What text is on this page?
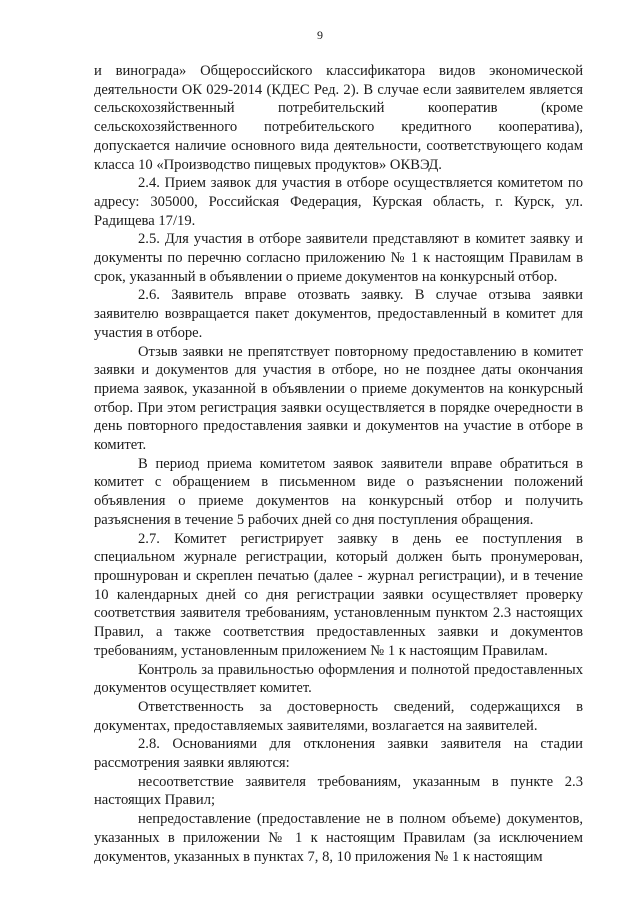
9

и винограда» Общероссийского классификатора видов экономической деятельности ОК 029-2014 (КДЕС Ред. 2). В случае если заявителем является сельскохозяйственный потребительский кооператив (кроме сельскохозяйственного потребительского кредитного кооператива), допускается наличие основного вида деятельности, соответствующего кодам класса 10 «Производство пищевых продуктов» ОКВЭД.

2.4. Прием заявок для участия в отборе осуществляется комитетом по адресу: 305000, Российская Федерация, Курская область, г. Курск, ул. Радищева 17/19.

2.5. Для участия в отборе заявители представляют в комитет заявку и документы по перечню согласно приложению № 1 к настоящим Правилам в срок, указанный в объявлении о приеме документов на конкурсный отбор.

2.6. Заявитель вправе отозвать заявку. В случае отзыва заявки заявителю возвращается пакет документов, предоставленный в комитет для участия в отборе.

Отзыв заявки не препятствует повторному предоставлению в комитет заявки и документов для участия в отборе, но не позднее даты окончания приема заявок, указанной в объявлении о приеме документов на конкурсный отбор. При этом регистрация заявки осуществляется в порядке очередности в день повторного предоставления заявки и документов на участие в отборе в комитет.

В период приема комитетом заявок заявители вправе обратиться в комитет с обращением в письменном виде о разъяснении положений объявления о приеме документов на конкурсный отбор и получить разъяснения в течение 5 рабочих дней со дня поступления обращения.

2.7. Комитет регистрирует заявку в день ее поступления в специальном журнале регистрации, который должен быть пронумерован, прошнурован и скреплен печатью (далее - журнал регистрации), и в течение 10 календарных дней со дня регистрации заявки осуществляет проверку соответствия заявителя требованиям, установленным пунктом 2.3 настоящих Правил, а также соответствия предоставленных заявки и документов требованиям, установленным приложением № 1 к настоящим Правилам.

Контроль за правильностью оформления и полнотой предоставленных документов осуществляет комитет.

Ответственность за достоверность сведений, содержащихся в документах, предоставляемых заявителями, возлагается на заявителей.

2.8. Основаниями для отклонения заявки заявителя на стадии рассмотрения заявки являются:

несоответствие заявителя требованиям, указанным в пункте 2.3 настоящих Правил;

непредоставление (предоставление не в полном объеме) документов, указанных в приложении № 1 к настоящим Правилам (за исключением документов, указанных в пунктах 7, 8, 10 приложения № 1 к настоящим
